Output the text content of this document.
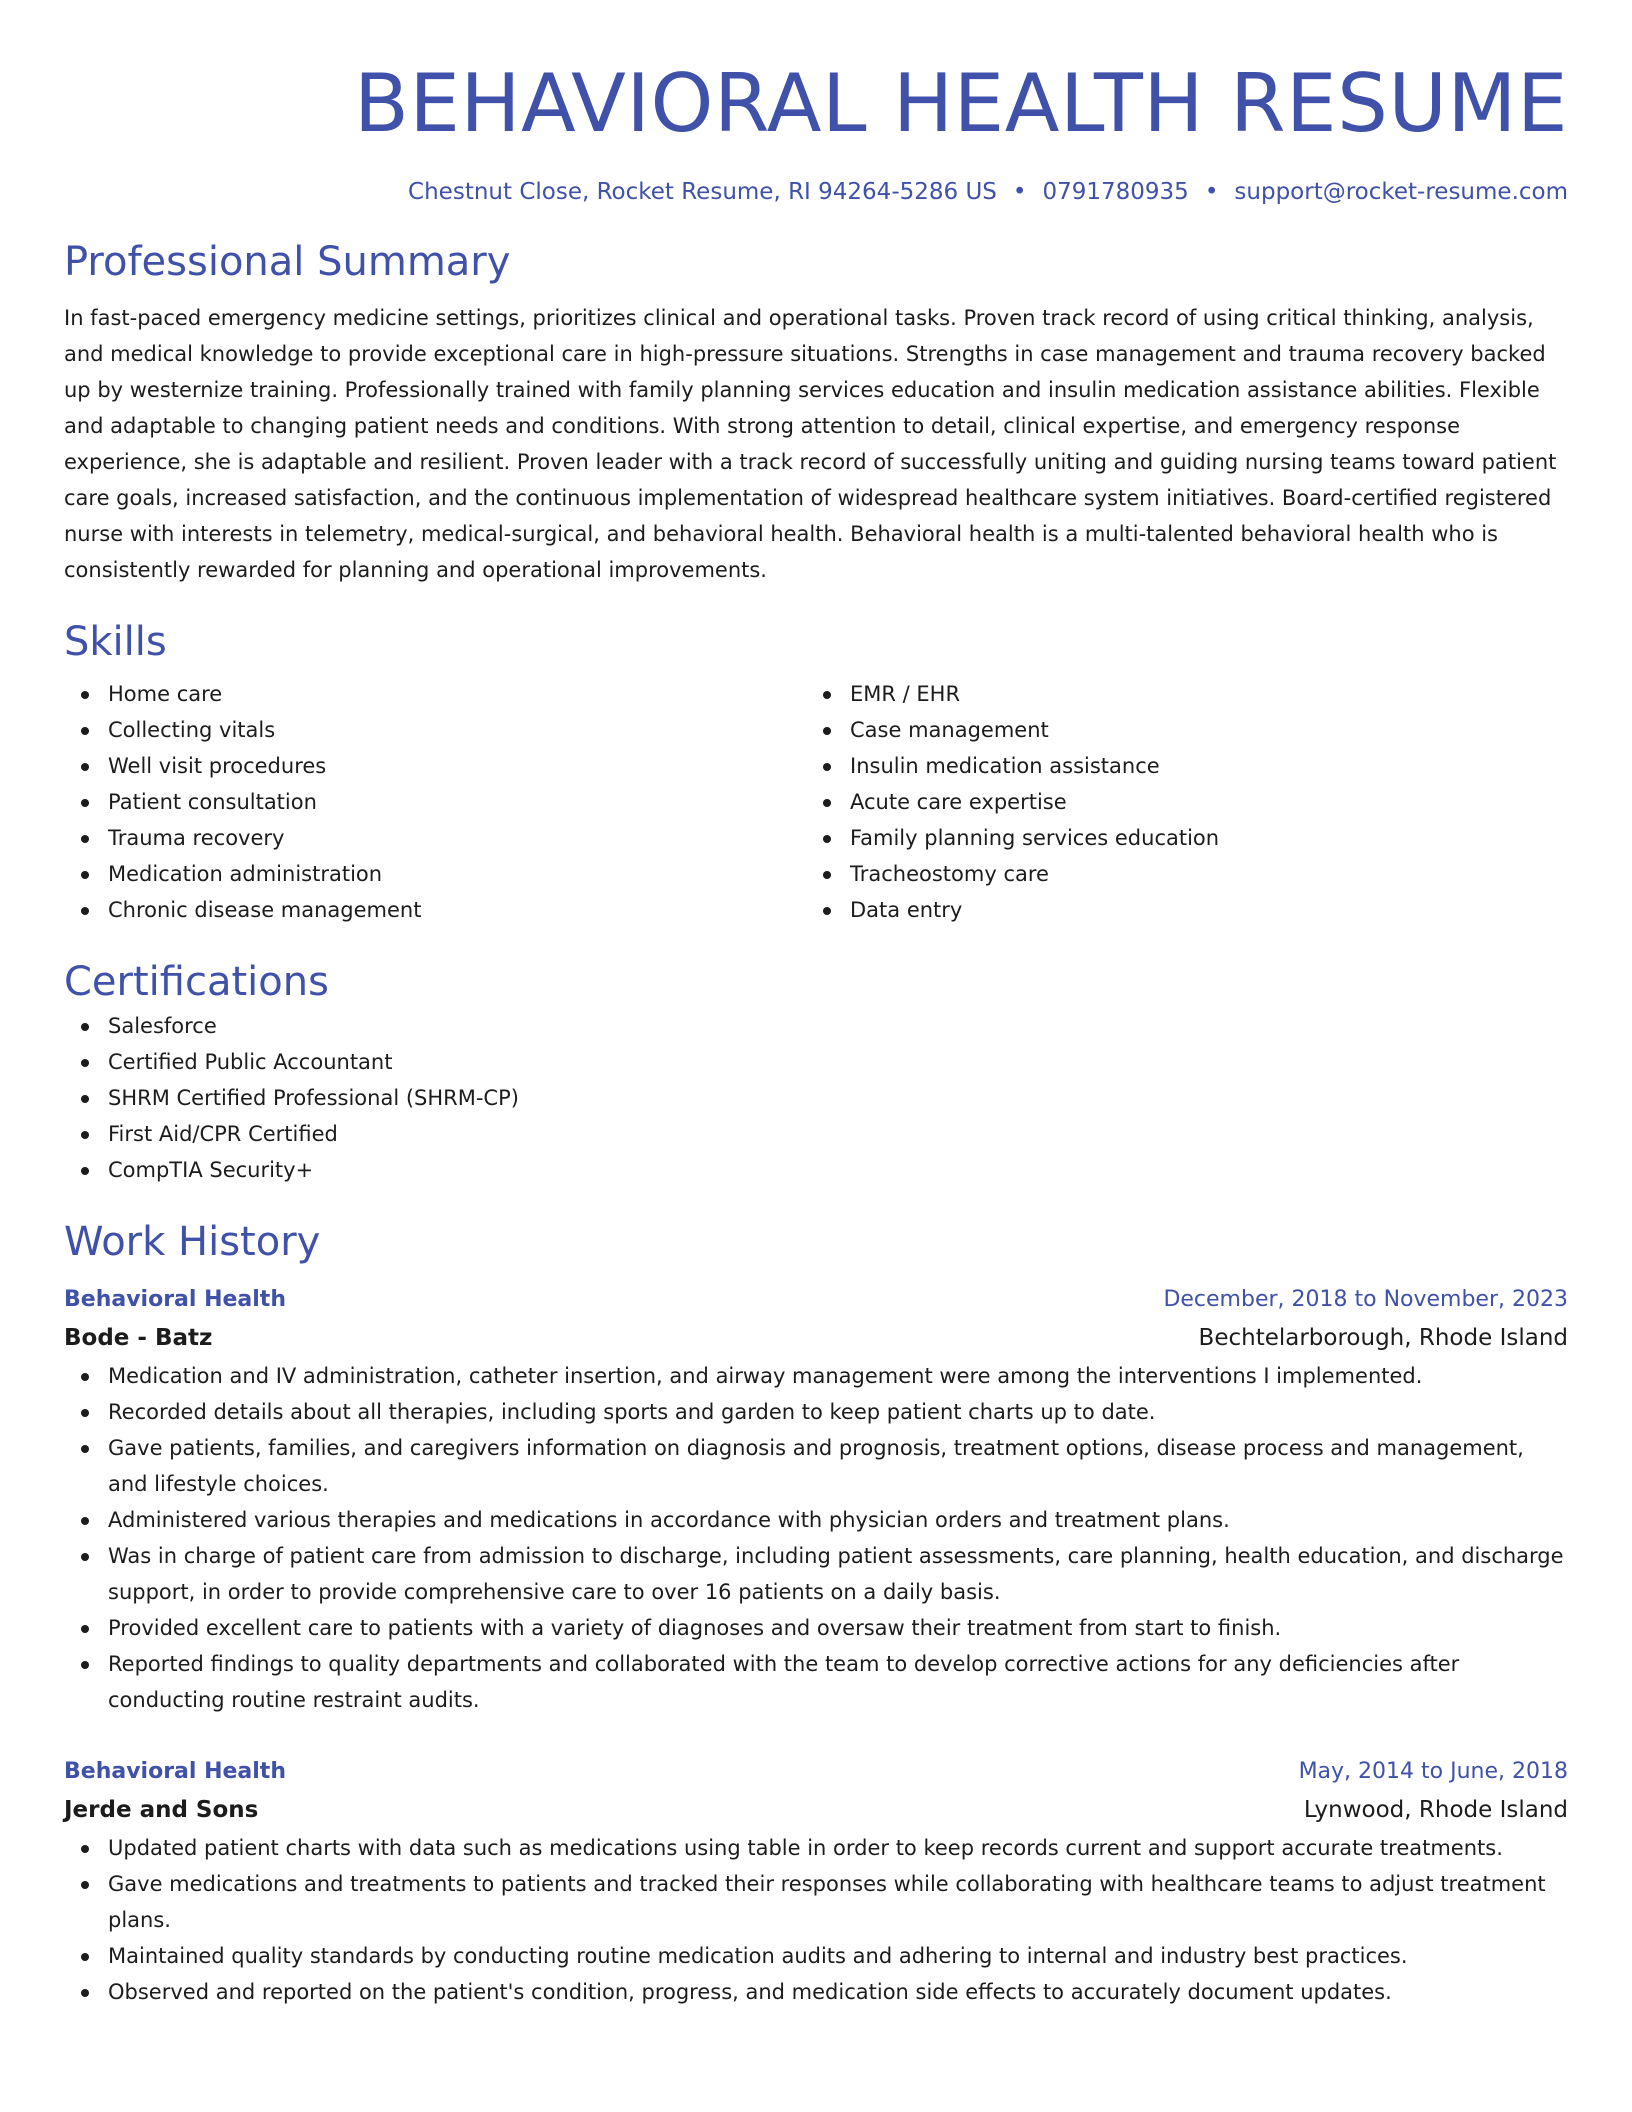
BEHAVIORAL HEALTH RESUME
Chestnut Close, Rocket Resume, RI 94264-5286 US • 0791780935 • support@rocket-resume.com
Professional Summary

In fast-paced emergency medicine settings, prioritizes clinical and operational tasks. Proven track record of using critical thinking, analysis, and medical knowledge to provide exceptional care in high-pressure situations. Strengths in case management and trauma recovery backed up by westernize training. Professionally trained with family planning services education and insulin medication assistance abilities. Flexible and adaptable to changing patient needs and conditions. With strong attention to detail, clinical expertise, and emergency response experience, she is adaptable and resilient. Proven leader with a track record of successfully uniting and guiding nursing teams toward patient care goals, increased satisfaction, and the continuous implementation of widespread healthcare system initiatives. Board-certified registered nurse with interests in telemetry, medical-surgical, and behavioral health. Behavioral health is a multi-talented behavioral health who is consistently rewarded for planning and operational improvements.

Skills
Home care
Collecting vitals
Well visit procedures
Patient consultation
Trauma recovery
Medication administration
Chronic disease management
EMR / EHR
Case management
Insulin medication assistance
Acute care expertise
Family planning services education
Tracheostomy care
Data entry
Certifications
Salesforce
Certified Public Accountant
SHRM Certified Professional (SHRM-CP)
First Aid/CPR Certified
CompTIA Security+
Work History
Behavioral Health	December, 2018 to November, 2023
Bode - Batz	Bechtelarborough, Rhode Island
Medication and IV administration, catheter insertion, and airway management were among the interventions I implemented.
Recorded details about all therapies, including sports and garden to keep patient charts up to date.
Gave patients, families, and caregivers information on diagnosis and prognosis, treatment options, disease process and management, and lifestyle choices.
Administered various therapies and medications in accordance with physician orders and treatment plans.
Was in charge of patient care from admission to discharge, including patient assessments, care planning, health education, and discharge support, in order to provide comprehensive care to over 16 patients on a daily basis.
Provided excellent care to patients with a variety of diagnoses and oversaw their treatment from start to finish.
Reported findings to quality departments and collaborated with the team to develop corrective actions for any deficiencies after conducting routine restraint audits.
Behavioral Health	May, 2014 to June, 2018
Jerde and Sons	Lynwood, Rhode Island
Updated patient charts with data such as medications using table in order to keep records current and support accurate treatments.
Gave medications and treatments to patients and tracked their responses while collaborating with healthcare teams to adjust treatment plans.
Maintained quality standards by conducting routine medication audits and adhering to internal and industry best practices.
Observed and reported on the patient's condition, progress, and medication side effects to accurately document updates.
